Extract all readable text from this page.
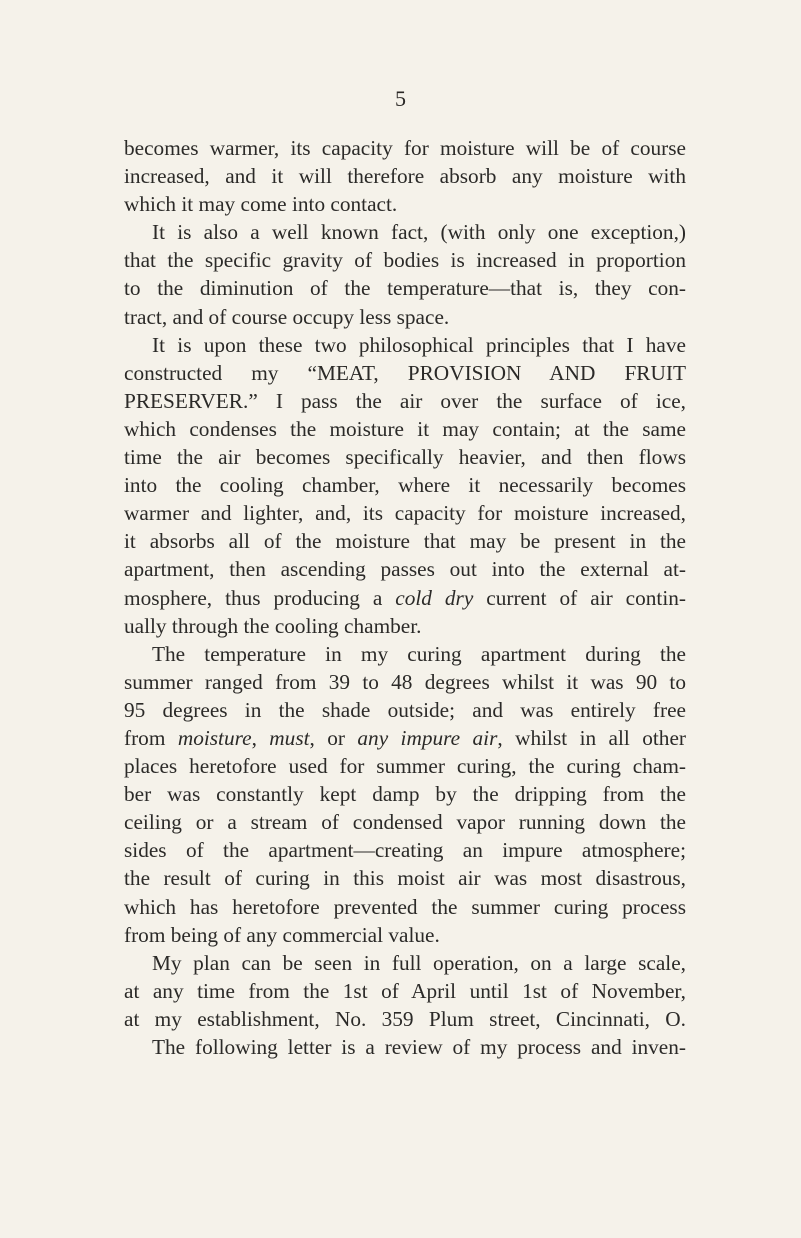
5
becomes warmer, its capacity for moisture will be of course
increased, and it will therefore absorb any moisture with
which it may come into contact.
It is also a well known fact, (with only one exception,)
that the specific gravity of bodies is increased in proportion
to the diminution of the temperature—that is, they con-
tract, and of course occupy less space.
It is upon these two philosophical principles that I have
constructed my “MEAT, PROVISION AND FRUIT
PRESERVER.” I pass the air over the surface of ice,
which condenses the moisture it may contain; at the same
time the air becomes specifically heavier, and then flows
into the cooling chamber, where it necessarily becomes
warmer and lighter, and, its capacity for moisture increased,
it absorbs all of the moisture that may be present in the
apartment, then ascending passes out into the external at-
mosphere, thus producing a cold dry current of air contin-
ually through the cooling chamber.
The temperature in my curing apartment during the
summer ranged from 39 to 48 degrees whilst it was 90 to
95 degrees in the shade outside; and was entirely free
from moisture, must, or any impure air, whilst in all other
places heretofore used for summer curing, the curing cham-
ber was constantly kept damp by the dripping from the
ceiling or a stream of condensed vapor running down the
sides of the apartment—creating an impure atmosphere;
the result of curing in this moist air was most disastrous,
which has heretofore prevented the summer curing process
from being of any commercial value.
My plan can be seen in full operation, on a large scale,
at any time from the 1st of April until 1st of November,
at my establishment, No. 359 Plum street, Cincinnati, O.
The following letter is a review of my process and inven-
